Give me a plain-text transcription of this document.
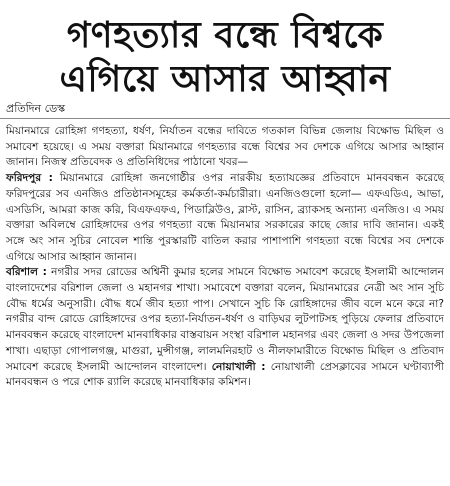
গণহত্যার বন্ধে বিশ্বকে
এগিয়ে আসার আহ্বান
প্রতিদিন ডেস্ক

মিয়ানমারে রোহিঙ্গা গণহত্যা, ধর্ষণ, নির্যাতন বন্ধের দাবিতে গতকাল বিভিন্ন জেলায় বিক্ষোভ মিছিল ও সমাবেশ হয়েছে। এ সময় বক্তারা মিয়ানমারে গণহত্যার বন্ধে বিশ্বের সব দেশকে এগিয়ে আসার আহ্বান জানান। নিজস্ব প্রতিবেদক ও প্রতিনিধিদের পাঠানো খবর—

ফরিদপুর : মিয়ানমারে রোহিঙ্গা জনগোষ্ঠীর ওপর নারকীয় হত্যাযজ্ঞের প্রতিবাদে মানববন্ধন করেছে ফরিদপুরের সব এনজিও প্রতিষ্ঠানসমূহের কর্মকর্তা-কর্মচারীরা। এনজিওগুলো হলো— এফএডিএ, আভা, এসডিসি, আমরা কাজ করি, বিএফএফএ, পিডাব্লিউও, ব্লাস্ট, রাসিন, ব্র্যাকসহ অন্যান্য এনজিও। এ সময় বক্তারা অবিলম্বে রোহিঙ্গাদের ওপর গণহত্যা বন্ধে মিয়ানমার সরকারের কাছে জোর দাবি জানান। একই সঙ্গে অং সান সুচির নোবেল শান্তি পুরস্কারটি বাতিল করার পাশাপাশি গণহত্যা বন্ধে বিশ্বের সব দেশকে এগিয়ে আসার আহ্বান জানান।

বরিশাল : নগরীর সদর রোডের অশ্বিনী কুমার হলের সামনে বিক্ষোভ সমাবেশ করেছে ইসলামী আন্দোলন বাংলাদেশের বরিশাল জেলা ও মহানগর শাখা। সমাবেশে বক্তারা বলেন, মিয়ানমারের নেত্রী অং সান সুচি বৌদ্ধ ধর্মের অনুসারী। বৌদ্ধ ধর্মে জীব হত্যা পাপ। সেখানে সুচি কি রোহিঙ্গাদের জীব বলে মনে করে না? নগরীর বান্দ রোডে রোহিঙ্গাদের ওপর হত্যা-নির্যাতন-ধর্ষণ ও বাড়িঘর লুটপাটসহ পুড়িয়ে ফেলার প্রতিবাদে মানববন্ধন করেছে বাংলাদেশ মানবাধিকার বাস্তবায়ন সংস্থা বরিশাল মহানগর এবং জেলা ও সদর উপজেলা শাখা। এছাড়া গোপালগঞ্জ, মাগুরা, মুন্সীগঞ্জ, লালমনিরহাট ও নীলফামারীতে বিক্ষোভ মিছিল ও প্রতিবাদ সমাবেশ করেছে ইসলামী আন্দোলন বাংলাদেশ। নোয়াখালী : নোয়াখালী প্রেসক্লাবের সামনে ঘণ্টাব্যাপী মানববন্ধন ও পরে শোক র‌্যালি করেছে মানবাধিকার কমিশন।
